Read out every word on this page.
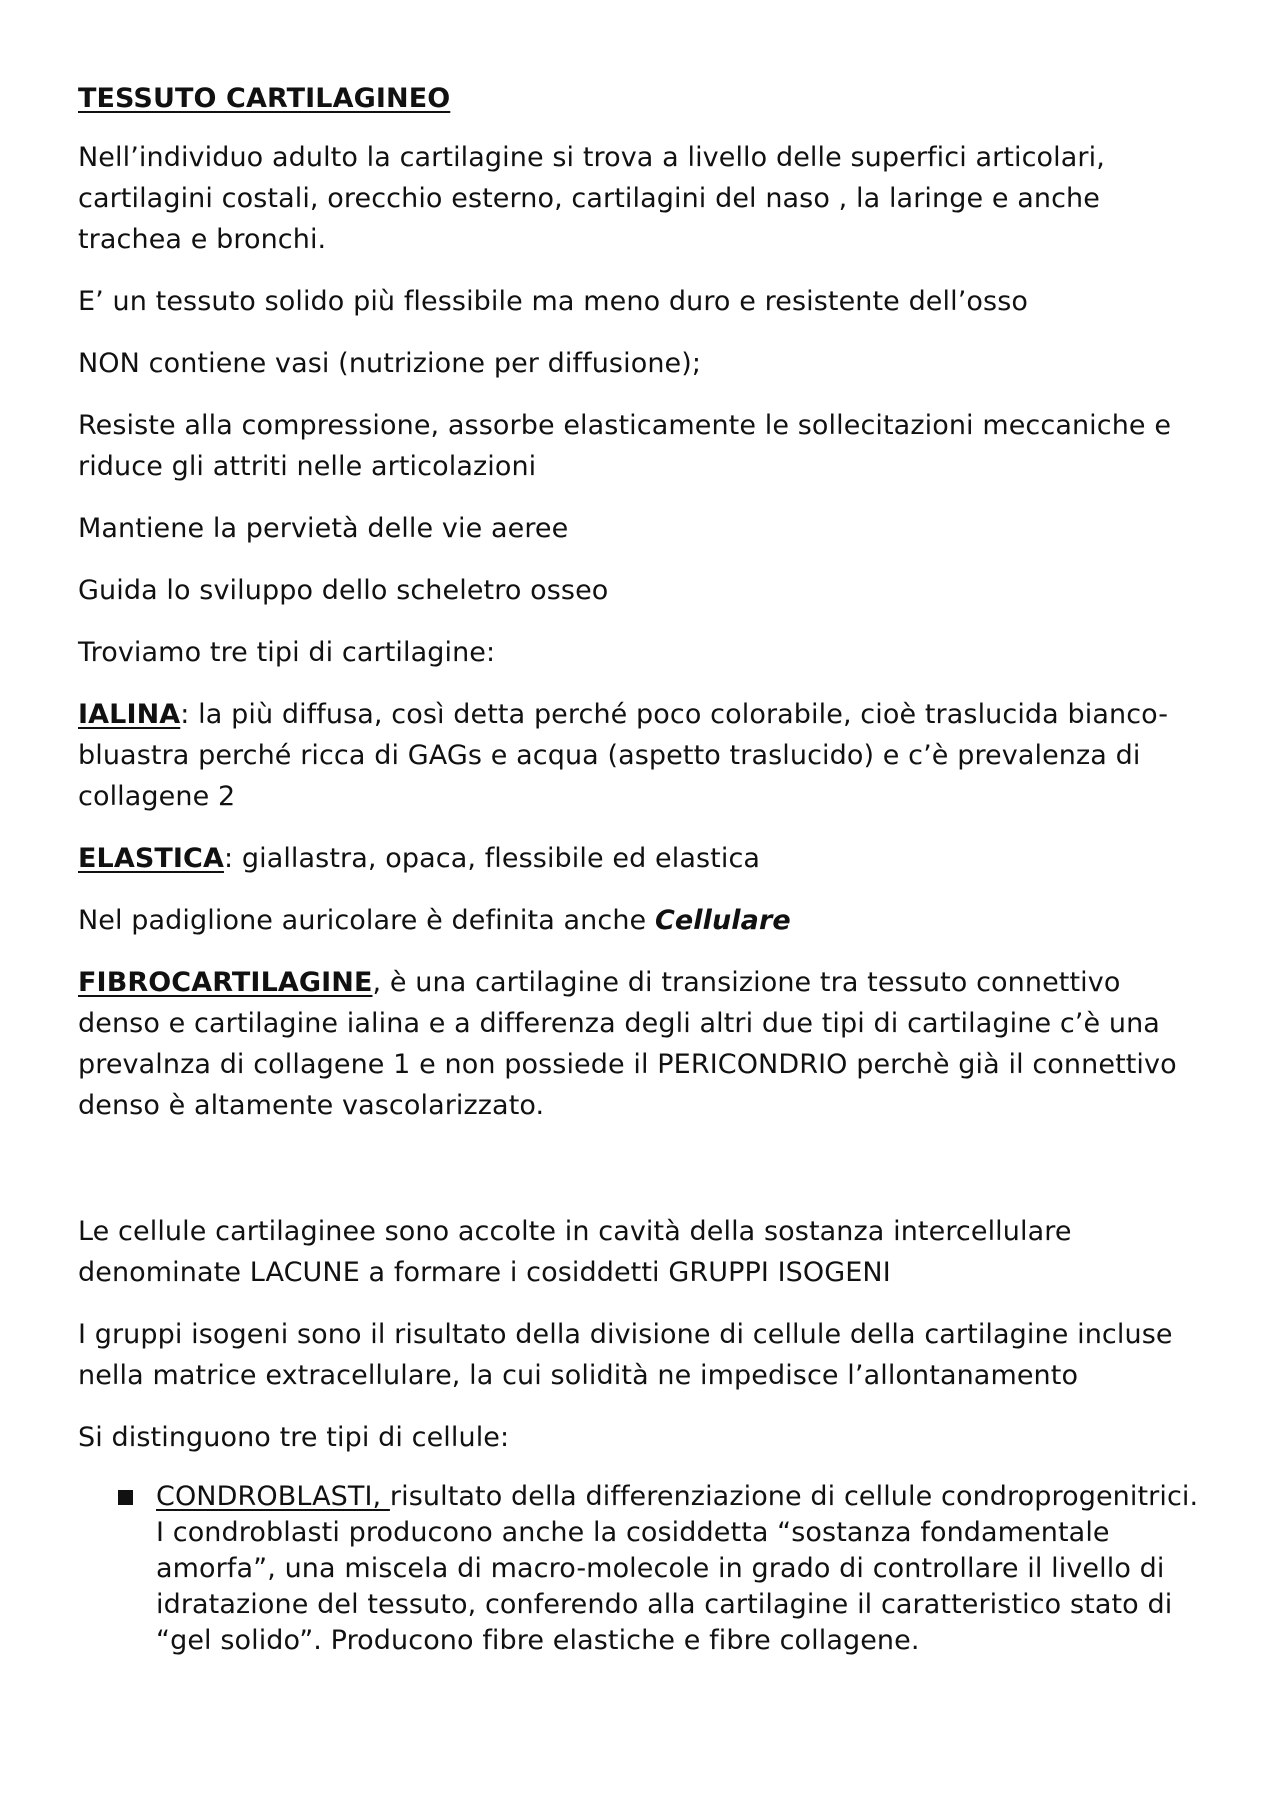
TESSUTO CARTILAGINEO

Nell’individuo adulto la cartilagine si trova a livello delle superfici articolari, cartilagini costali, orecchio esterno, cartilagini del naso , la laringe e anche trachea e bronchi.

E’ un tessuto solido più flessibile ma meno duro e resistente dell’osso

NON contiene vasi (nutrizione per diffusione);

Resiste alla compressione, assorbe elasticamente le sollecitazioni meccaniche e riduce gli attriti nelle articolazioni

Mantiene la pervietà delle vie aeree

Guida lo sviluppo dello scheletro osseo

Troviamo tre tipi di cartilagine:

IALINA: la più diffusa, così detta perché poco colorabile, cioè traslucida bianco-bluastra perché ricca di GAGs e acqua (aspetto traslucido) e c’è prevalenza di collagene 2

ELASTICA: giallastra, opaca, flessibile ed elastica

Nel padiglione auricolare è definita anche Cellulare

FIBROCARTILAGINE, è una cartilagine di transizione tra tessuto connettivo denso e cartilagine ialina e a differenza degli altri due tipi di cartilagine c’è una prevalnza di collagene 1 e non possiede il PERICONDRIO perchè già il connettivo denso è altamente vascolarizzato.

Le cellule cartilaginee sono accolte in cavità della sostanza intercellulare denominate LACUNE a formare i cosiddetti GRUPPI ISOGENI

I gruppi isogeni sono il risultato della divisione di cellule della cartilagine incluse nella matrice extracellulare, la cui solidità ne impedisce l’allontanamento

Si distinguono tre tipi di cellule:

CONDROBLASTI, risultato della differenziazione di cellule condroprogenitrici. I condroblasti producono anche la cosiddetta “sostanza fondamentale amorfa”, una miscela di macro-molecole in grado di controllare il livello di idratazione del tessuto, conferendo alla cartilagine il caratteristico stato di “gel solido”. Producono fibre elastiche e fibre collagene.
